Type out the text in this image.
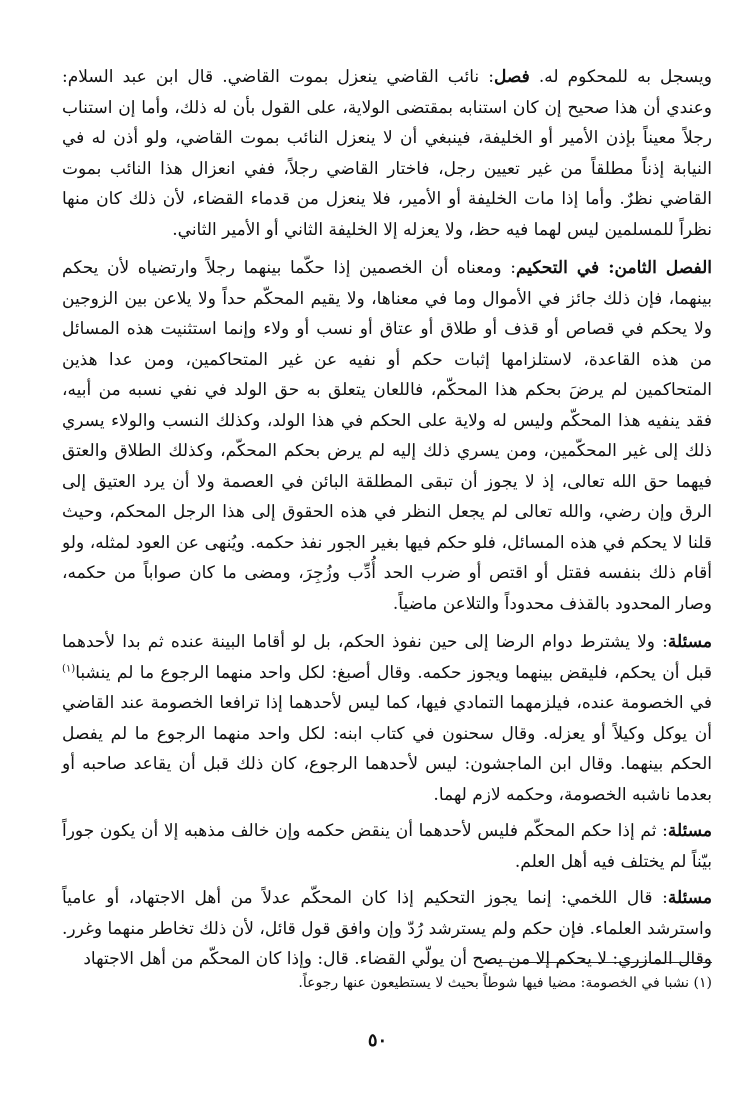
ويسجل به للمحكوم له. فصل: نائب القاضي ينعزل بموت القاضي. قال ابن عبد السلام: وعندي أن هذا صحيح إن كان استنابه بمقتضى الولاية، على القول بأن له ذلك، وأما إن استناب رجلاً معيناً بإذن الأمير أو الخليفة، فينبغي أن لا ينعزل النائب بموت القاضي، ولو أذن له في النيابة إذناً مطلقاً من غير تعيين رجل، فاختار القاضي رجلاً، ففي انعزال هذا النائب بموت القاضي نظرٌ. وأما إذا مات الخليفة أو الأمير، فلا ينعزل من قدماء القضاء، لأن ذلك كان منها نظراً للمسلمين ليس لهما فيه حظ، ولا يعزله إلا الخليفة الثاني أو الأمير الثاني.

الفصل الثامن: في التحكيم: ومعناه أن الخصمين إذا حكّما بينهما رجلاً وارتضياه لأن يحكم بينهما، فإن ذلك جائز في الأموال وما في معناها، ولا يقيم المحكّم حداً ولا يلاعن بين الزوجين ولا يحكم في قصاص أو قذف أو طلاق أو عتاق أو نسب أو ولاء وإنما استثنيت هذه المسائل من هذه القاعدة، لاستلزامها إثبات حكم أو نفيه عن غير المتحاكمين، ومن عدا هذين المتحاكمين لم يرضَ بحكم هذا المحكّم، فاللعان يتعلق به حق الولد في نفي نسبه من أبيه، فقد ينفيه هذا المحكّم وليس له ولاية على الحكم في هذا الولد، وكذلك النسب والولاء يسري ذلك إلى غير المحكّمين، ومن يسري ذلك إليه لم يرض بحكم المحكّم، وكذلك الطلاق والعتق فيهما حق الله تعالى، إذ لا يجوز أن تبقى المطلقة البائن في العصمة ولا أن يرد العتيق إلى الرق وإن رضي، والله تعالى لم يجعل النظر في هذه الحقوق إلى هذا الرجل المحكم، وحيث قلنا لا يحكم في هذه المسائل، فلو حكم فيها بغير الجور نفذ حكمه. ويُنهى عن العود لمثله، ولو أقام ذلك بنفسه فقتل أو اقتص أو ضرب الحد أُدِّب وزُجِرَ، ومضى ما كان صواباً من حكمه، وصار المحدود بالقذف محدوداً والتلاعن ماضياً.

مسئلة: ولا يشترط دوام الرضا إلى حين نفوذ الحكم، بل لو أقاما البينة عنده ثم بدا لأحدهما قبل أن يحكم، فليقض بينهما ويجوز حكمه. وقال أصبغ: لكل واحد منهما الرجوع ما لم ينشبا$^{(١)}$ في الخصومة عنده، فيلزمهما التمادي فيها، كما ليس لأحدهما إذا ترافعا الخصومة عند القاضي أن يوكل وكيلاً أو يعزله. وقال سحنون في كتاب ابنه: لكل واحد منهما الرجوع ما لم يفصل الحكم بينهما. وقال ابن الماجشون: ليس لأحدهما الرجوع، كان ذلك قبل أن يقاعد صاحبه أو بعدما ناشبه الخصومة، وحكمه لازم لهما.

مسئلة: ثم إذا حكم المحكّم فليس لأحدهما أن ينقض حكمه وإن خالف مذهبه إلا أن يكون جوراً بيّناً لم يختلف فيه أهل العلم.

مسئلة: قال اللخمي: إنما يجوز التحكيم إذا كان المحكّم عدلاً من أهل الاجتهاد، أو عامياً واسترشد العلماء. فإن حكم ولم يسترشد رُدّ وإن وافق قول قائل، لأن ذلك تخاطر منهما وغرر. وقال المازري: لا يحكم إلا من يصح أن يولّي القضاء. قال: وإذا كان المحكّم من أهل الاجتهاد

(١) نشبا في الخصومة: مضيا فيها شوطاً بحيث لا يستطيعون عنها رجوعاً.
٥٠
